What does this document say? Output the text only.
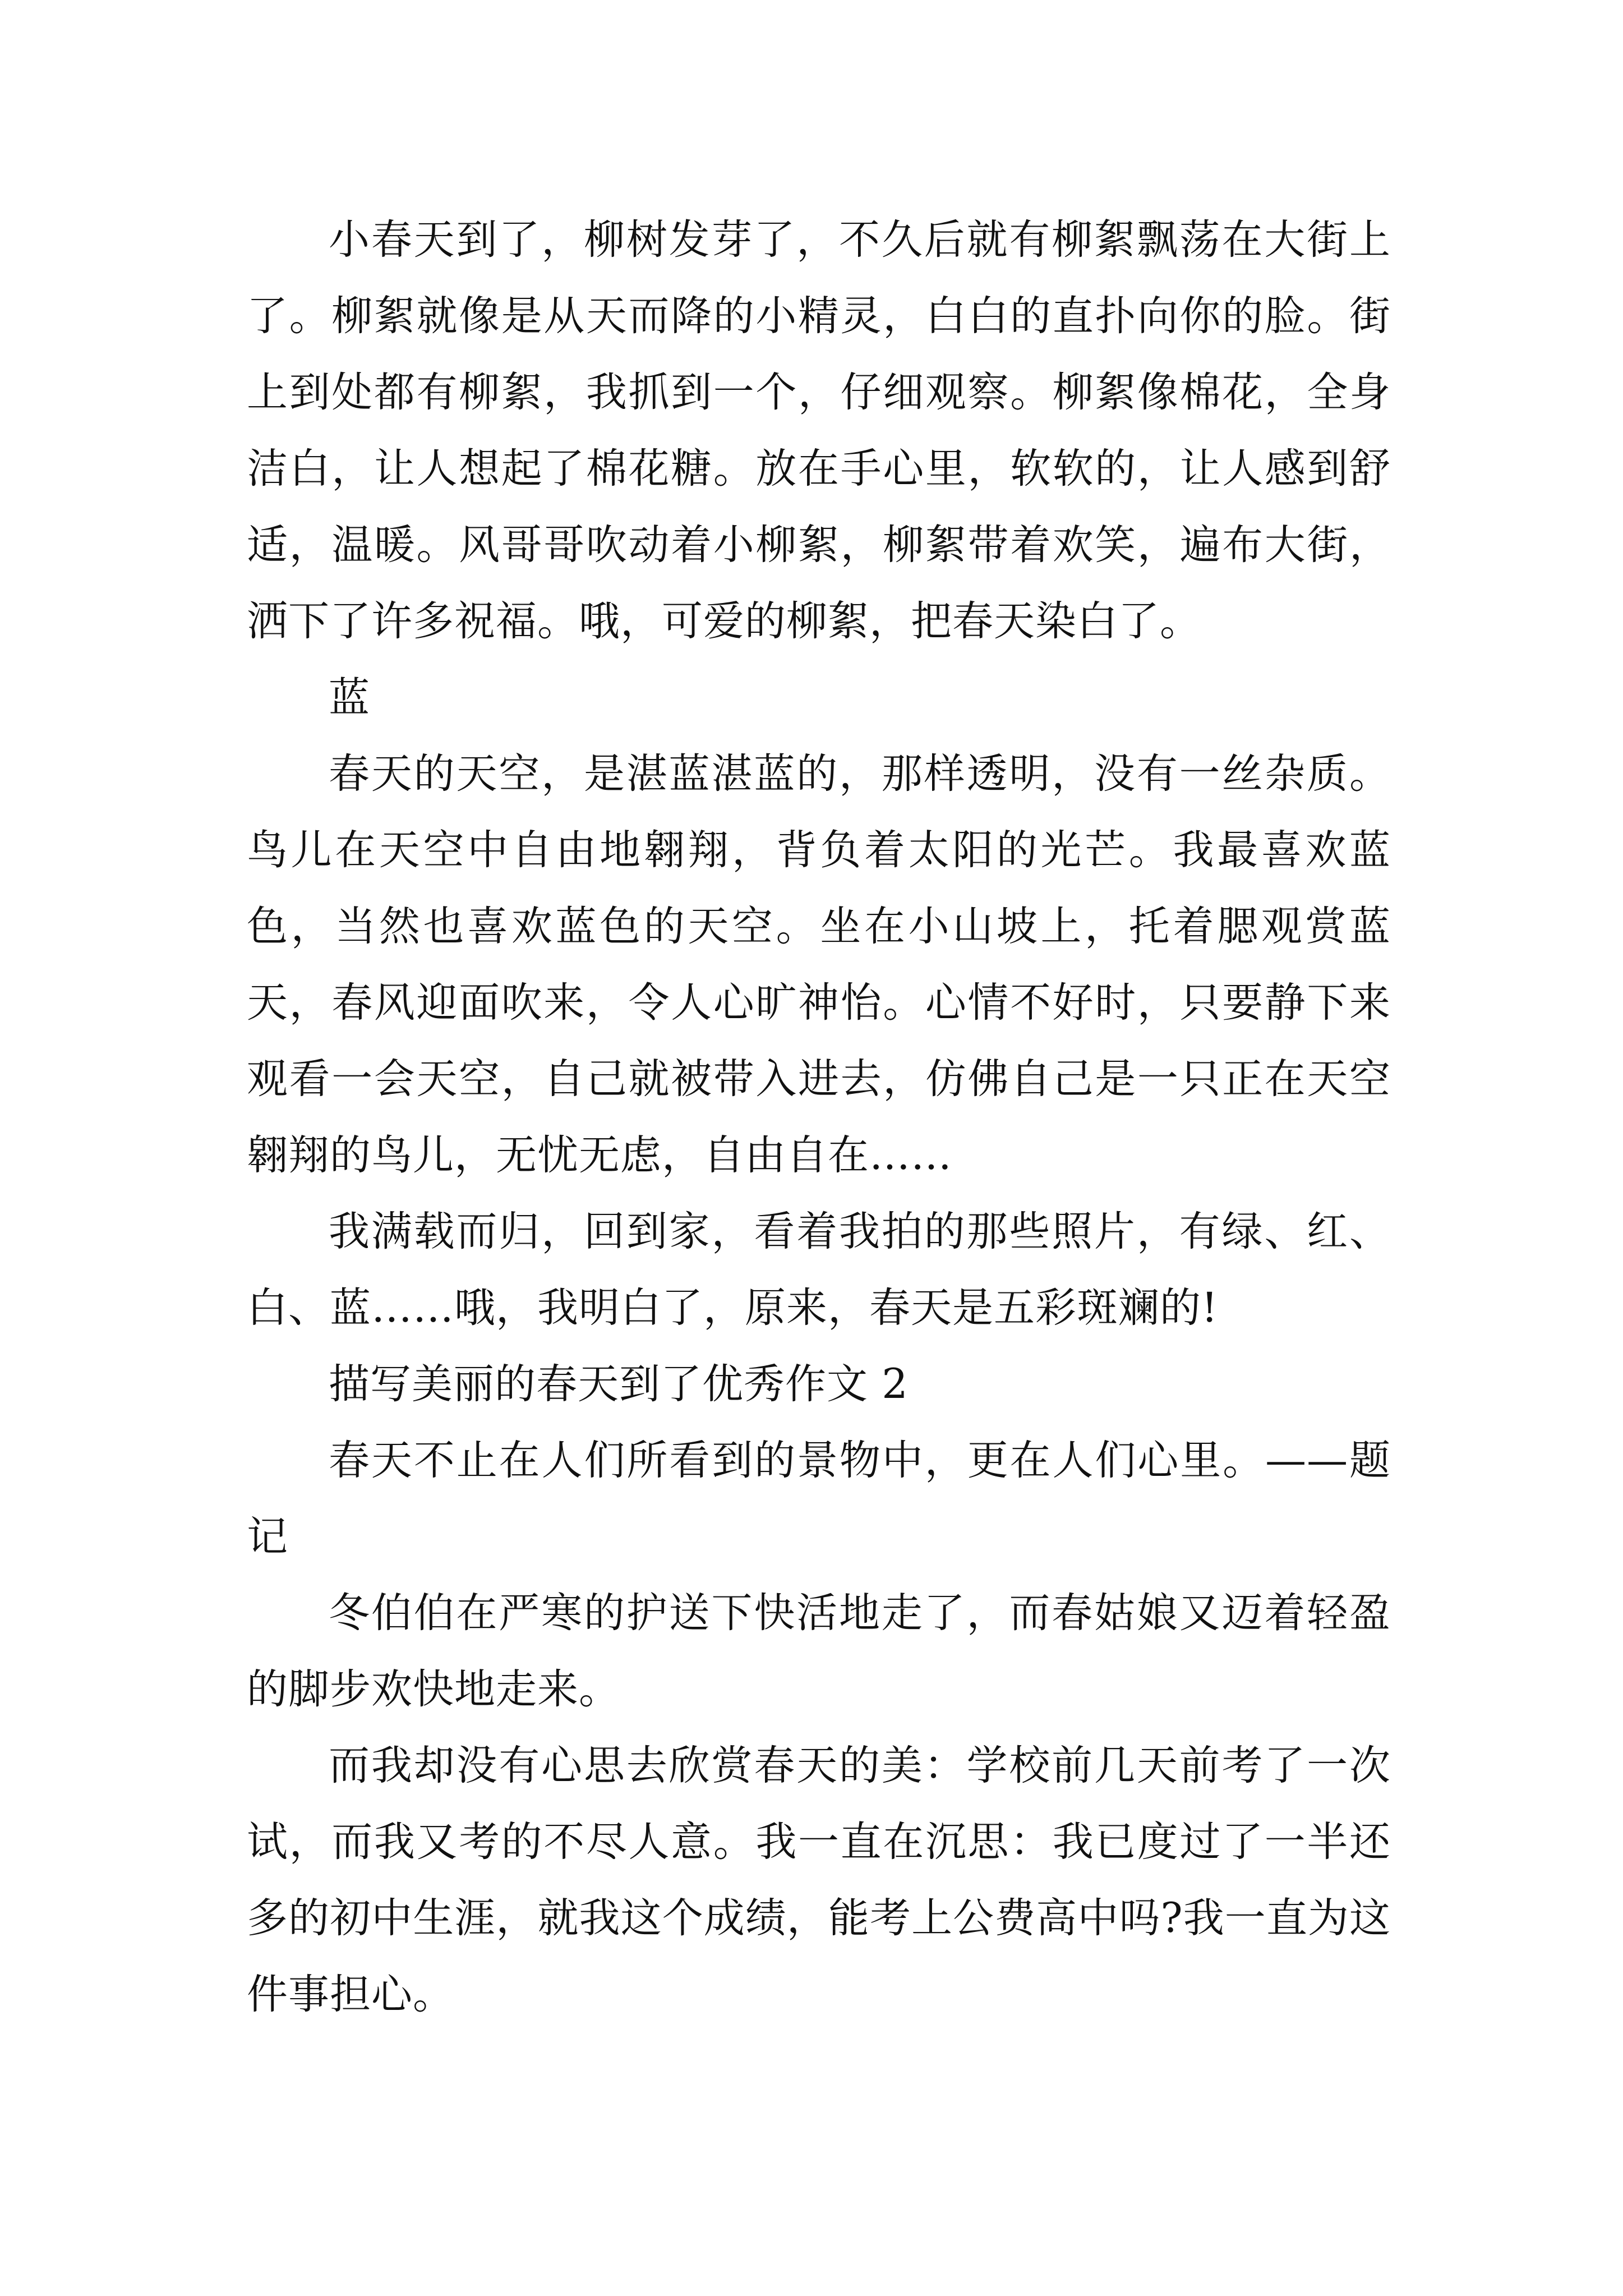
小春天到了，柳树发芽了，不久后就有柳絮飘荡在大街上了。柳絮就像是从天而降的小精灵，白白的直扑向你的脸。街上到处都有柳絮，我抓到一个，仔细观察。柳絮像棉花，全身洁白，让人想起了棉花糖。放在手心里，软软的，让人感到舒适，温暖。风哥哥吹动着小柳絮，柳絮带着欢笑，遍布大街，洒下了许多祝福。哦，可爱的柳絮，把春天染白了。

蓝

春天的天空，是湛蓝湛蓝的，那样透明，没有一丝杂质。鸟儿在天空中自由地翱翔，背负着太阳的光芒。我最喜欢蓝色，当然也喜欢蓝色的天空。坐在小山坡上，托着腮观赏蓝天，春风迎面吹来，令人心旷神怡。心情不好时，只要静下来观看一会天空，自己就被带入进去，仿佛自己是一只正在天空翱翔的鸟儿，无忧无虑，自由自在……

我满载而归，回到家，看着我拍的那些照片，有绿、红、白、蓝……哦，我明白了，原来，春天是五彩斑斓的!

描写美丽的春天到了优秀作文 2

春天不止在人们所看到的景物中，更在人们心里。——题记

冬伯伯在严寒的护送下快活地走了，而春姑娘又迈着轻盈的脚步欢快地走来。

而我却没有心思去欣赏春天的美：学校前几天前考了一次试，而我又考的不尽人意。我一直在沉思：我已度过了一半还多的初中生涯，就我这个成绩，能考上公费高中吗?我一直为这件事担心。
